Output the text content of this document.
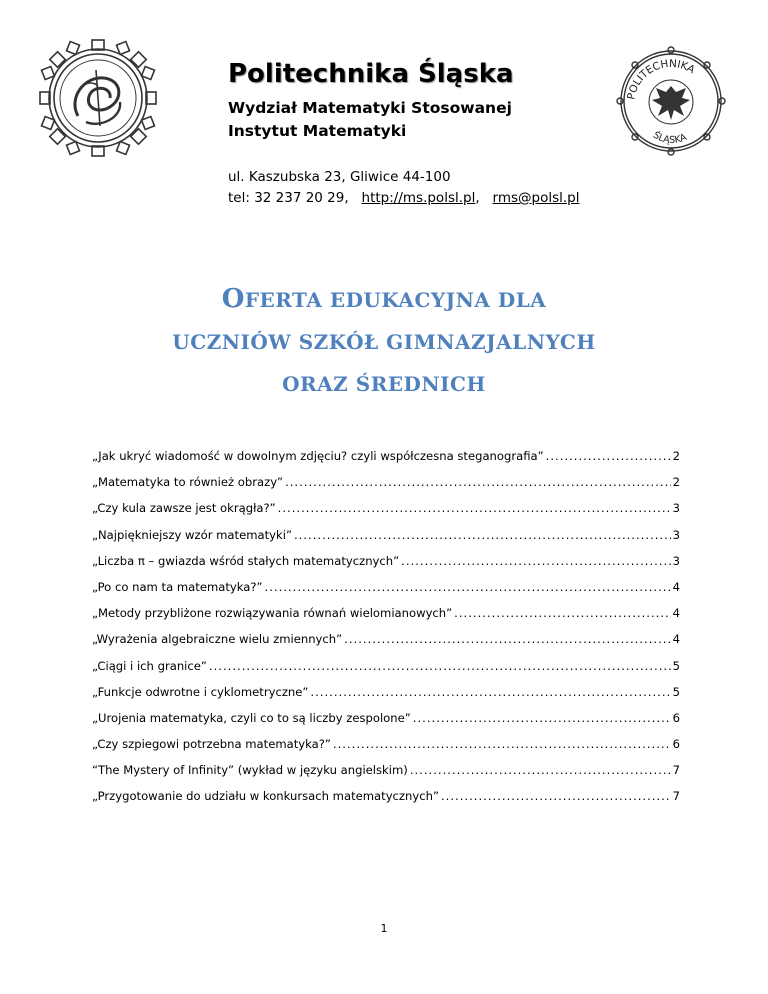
POLITECHNIKA
ŚLĄSKA
Politechnika Śląska
Wydział Matematyki Stosowanej
Instytut Matematyki
ul. Kaszubska 23, Gliwice 44-100
tel: 32 237 20 29, http://ms.polsl.pl, rms@polsl.pl
OFERTA EDUKACYJNA DLA
UCZNIÓW SZKÓŁ GIMNAZJALNYCH
ORAZ ŚREDNICH
„Jak ukryć wiadomość w dowolnym zdjęciu? czyli współczesna steganografia” .....	2
„Matematyka to również obrazy” .....	2
„Czy kula zawsze jest okrągła?” .....	3
„Najpiękniejszy wzór matematyki” .....	3
„Liczba π – gwiazda wśród stałych matematycznych” .....	3
„Po co nam ta matematyka?” .....	4
„Metody przybliżone rozwiązywania równań wielomianowych” .....	4
„Wyrażenia algebraiczne wielu zmiennych” .....	4
„Ciągi i ich granice” .....	5
„Funkcje odwrotne i cyklometryczne” .....	5
„Urojenia matematyka, czyli co to są liczby zespolone” .....	6
„Czy szpiegowi potrzebna matematyka?” .....	6
“The Mystery of Infinity” (wykład w języku angielskim) .....	7
„Przygotowanie do udziału w konkursach matematycznych” .....	7
1
